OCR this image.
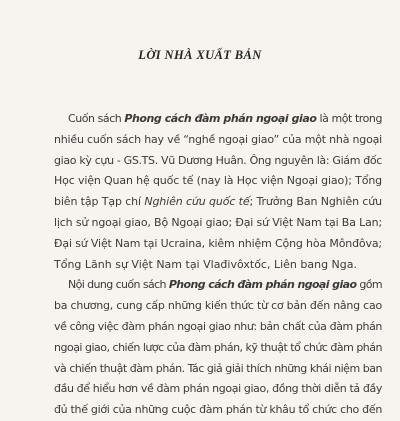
LỜI NHÀ XUẤT BẢN
Cuốn sách Phong cách đàm phán ngoại giao là một trong
nhiều cuốn sách hay về “nghề ngoại giao” của một nhà ngoại
giao kỳ cựu - GS.TS. Vũ Dương Huân. Ông nguyên là: Giám đốc
Học viện Quan hệ quốc tế (nay là Học viện Ngoại giao); Tổng
biên tập Tạp chí Nghiên cứu quốc tế; Trưởng Ban Nghiên cứu
lịch sử ngoại giao, Bộ Ngoại giao; Đại sứ Việt Nam tại Ba Lan;
Đại sứ Việt Nam tại Ucraina, kiêm nhiệm Cộng hòa Mônđôva;
Tổng Lãnh sự Việt Nam tại Vlađivôxtốc, Liên bang Nga.
Nội dung cuốn sách Phong cách đàm phán ngoại giao gồm
ba chương, cung cấp những kiến thức từ cơ bản đến nâng cao
về công việc đàm phán ngoại giao như: bản chất của đàm phán
ngoại giao, chiến lược của đàm phán, kỹ thuật tổ chức đàm phán
và chiến thuật đàm phán. Tác giả giải thích những khái niệm ban
đầu để hiểu hơn về đàm phán ngoại giao, đồng thời diễn tả đầy
đủ thế giới của những cuộc đàm phán từ khâu tổ chức cho đến
